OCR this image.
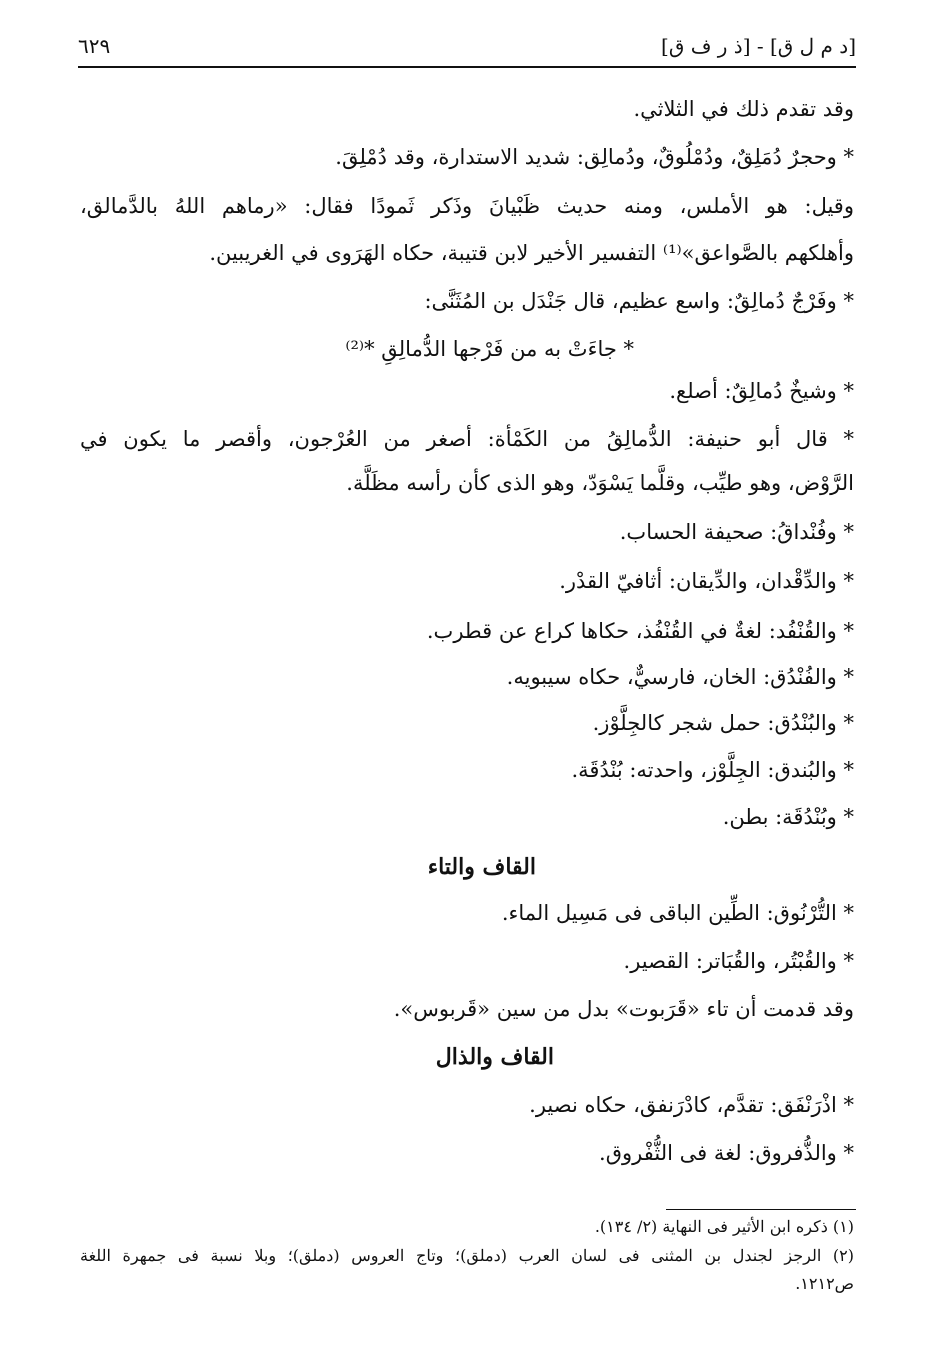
[د م ل ق] - [ذ ر ف ق]
٦٢٩
وقد تقدم ذلك في الثلاثي.
* وحجرٌ دُمَلِقٌ، ودُمْلُوقٌ، ودُمالِق: شديد الاستدارة، وقد دُمْلِقَ.
وقيل: هو الأملس، ومنه حديث ظَبْيانَ وذَكر ثَمودًا فقال: «رماهم اللهُ بالدَّمالق،
وأهلكهم بالصَّواعق»⁽¹⁾ التفسير الأخير لابن قتيبة، حكاه الهَرَوى في الغريبين.
* وفَرْجٌ دُمالِقٌ: واسع عظيم، قال جَنْدَل بن المُثَنَّى:
* جاءَتْ به من فَرْجها الدُّمالِقِ *⁽²⁾
* وشيخٌ دُمالِقٌ: أصلع.
* قال أبو حنيفة: الدُّمالِقُ من الكَمْأة: أصغر من العُرْجون، وأقصر ما يكون في
الرَّوْض، وهو طيِّب، وقلَّما يَسْوَدّ، وهو الذى كأن رأسه مظَلَّة.
* وفُنْداقُ: صحيفة الحساب.
* والدِّقْدان، والدِّيقان: أثافيّ القدْر.
* والقُنْفُد: لغةٌ في القُنْفُذ، حكاها كراع عن قطرب.
* والفُنْدُق: الخان، فارسيٌّ، حكاه سيبويه.
* والبُنْدُق: حمل شجر كالجِلَّوْز.
* والبُندق: الجِلَّوْز، واحدته: بُنْدُقَة.
* وبُنْدُقَة: بطن.
القاف والتاء
* التُّرْنُوق: الطِّين الباقى فى مَسِيل الماء.
* والقُبْتُر، والقُبَاتر: القصير.
وقد قدمت أن تاء «قَرَبوت» بدل من سين «قَربوس».
القاف والذال
* اذْرَنْفَق: تقدَّم، كادْرَنفق، حكاه نصير.
* والذُّفروق: لغة فى الثُّفْروق.
(١) ذكره ابن الأثير فى النهاية (٢/ ١٣٤).
(٢) الرجز لجندل بن المثنى فى لسان العرب (دملق)؛ وتاج العروس (دملق)؛ وبلا نسبة فى جمهرة اللغة
ص١٢١٢.
